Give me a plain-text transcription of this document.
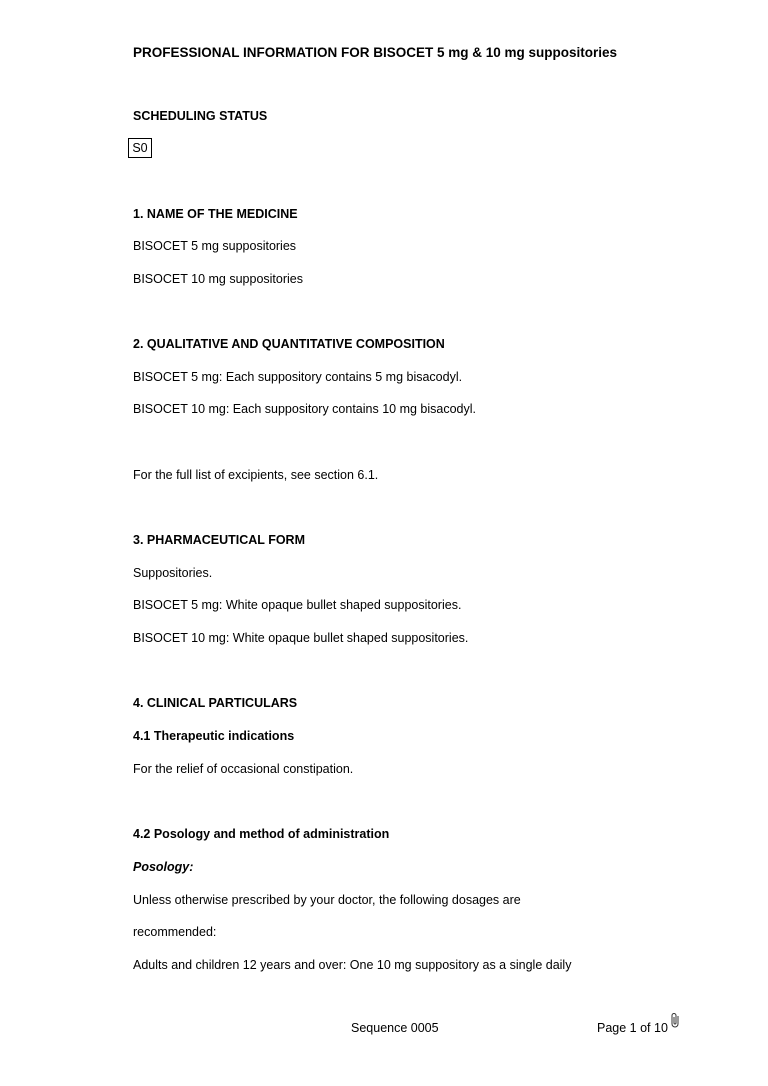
PROFESSIONAL INFORMATION FOR BISOCET 5 mg & 10 mg suppositories
SCHEDULING STATUS
S0
1. NAME OF THE MEDICINE
BISOCET 5 mg suppositories
BISOCET 10 mg suppositories
2. QUALITATIVE AND QUANTITATIVE COMPOSITION
BISOCET 5 mg: Each suppository contains 5 mg bisacodyl.
BISOCET 10 mg: Each suppository contains 10 mg bisacodyl.
For the full list of excipients, see section 6.1.
3. PHARMACEUTICAL FORM
Suppositories.
BISOCET 5 mg: White opaque bullet shaped suppositories.
BISOCET 10 mg: White opaque bullet shaped suppositories.
4. CLINICAL PARTICULARS
4.1 Therapeutic indications
For the relief of occasional constipation.
4.2 Posology and method of administration
Posology:
Unless otherwise prescribed by your doctor, the following dosages are
recommended:
Adults and children 12 years and over: One 10 mg suppository as a single daily
Sequence 0005	Page 1 of 10
